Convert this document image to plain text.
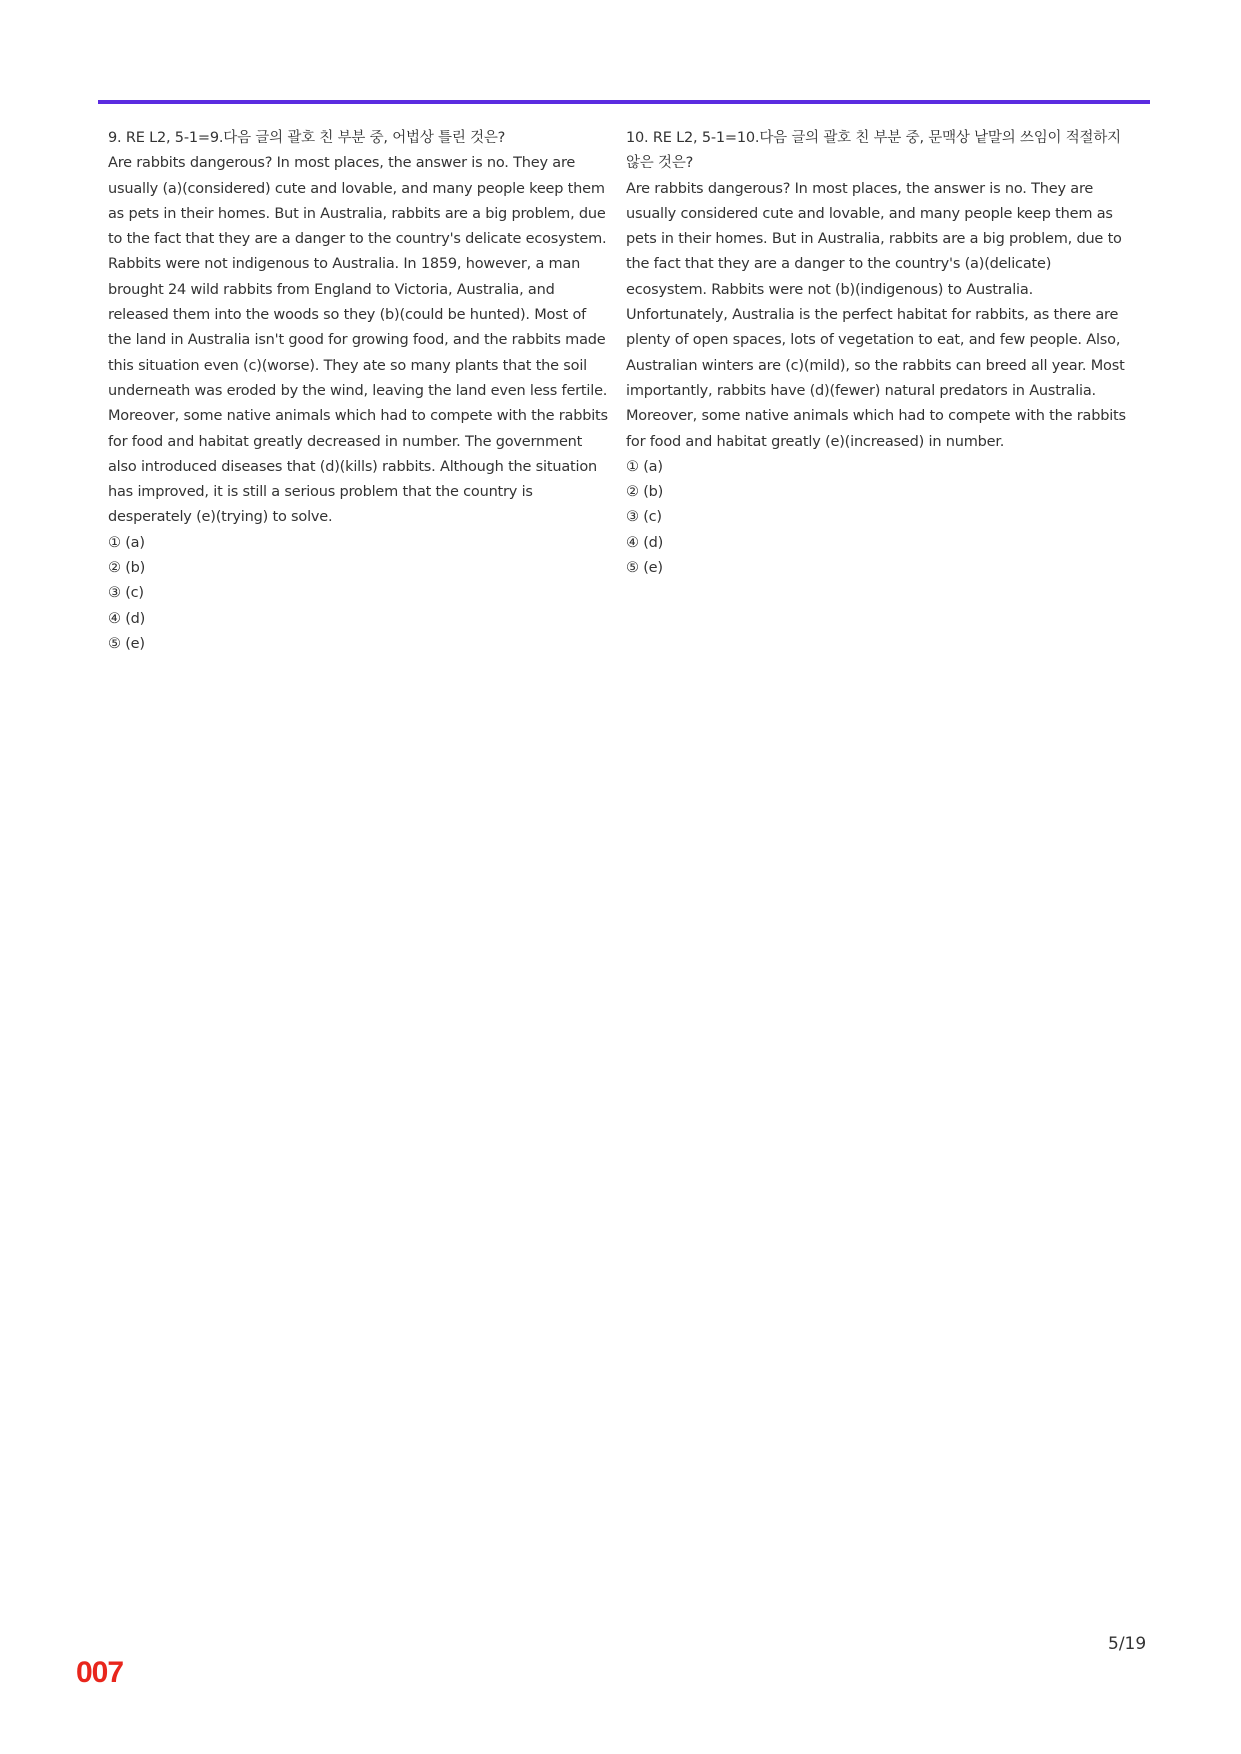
9. RE L2, 5-1=9.다음 글의 괄호 친 부분 중, 어법상 틀린 것은?

Are rabbits dangerous? In most places, the answer is no. They are usually (a)(considered) cute and lovable, and many people keep them as pets in their homes. But in Australia, rabbits are a big problem, due to the fact that they are a danger to the country's delicate ecosystem. Rabbits were not indigenous to Australia. In 1859, however, a man brought 24 wild rabbits from England to Victoria, Australia, and released them into the woods so they (b)(could be hunted). Most of the land in Australia isn't good for growing food, and the rabbits made this situation even (c)(worse). They ate so many plants that the soil underneath was eroded by the wind, leaving the land even less fertile. Moreover, some native animals which had to compete with the rabbits for food and habitat greatly decreased in number. The government also introduced diseases that (d)(kills) rabbits. Although the situation has improved, it is still a serious problem that the country is desperately (e)(trying) to solve.

① (a)
② (b)
③ (c)
④ (d)
⑤ (e)

10. RE L2, 5-1=10.다음 글의 괄호 친 부분 중, 문맥상 낱말의 쓰임이 적절하지 않은 것은?

Are rabbits dangerous? In most places, the answer is no. They are usually considered cute and lovable, and many people keep them as pets in their homes. But in Australia, rabbits are a big problem, due to the fact that they are a danger to the country's (a)(delicate) ecosystem. Rabbits were not (b)(indigenous) to Australia. Unfortunately, Australia is the perfect habitat for rabbits, as there are plenty of open spaces, lots of vegetation to eat, and few people. Also, Australian winters are (c)(mild), so the rabbits can breed all year. Most importantly, rabbits have (d)(fewer) natural predators in Australia. Moreover, some native animals which had to compete with the rabbits for food and habitat greatly (e)(increased) in number.

① (a)
② (b)
③ (c)
④ (d)
⑤ (e)
5/19
007
